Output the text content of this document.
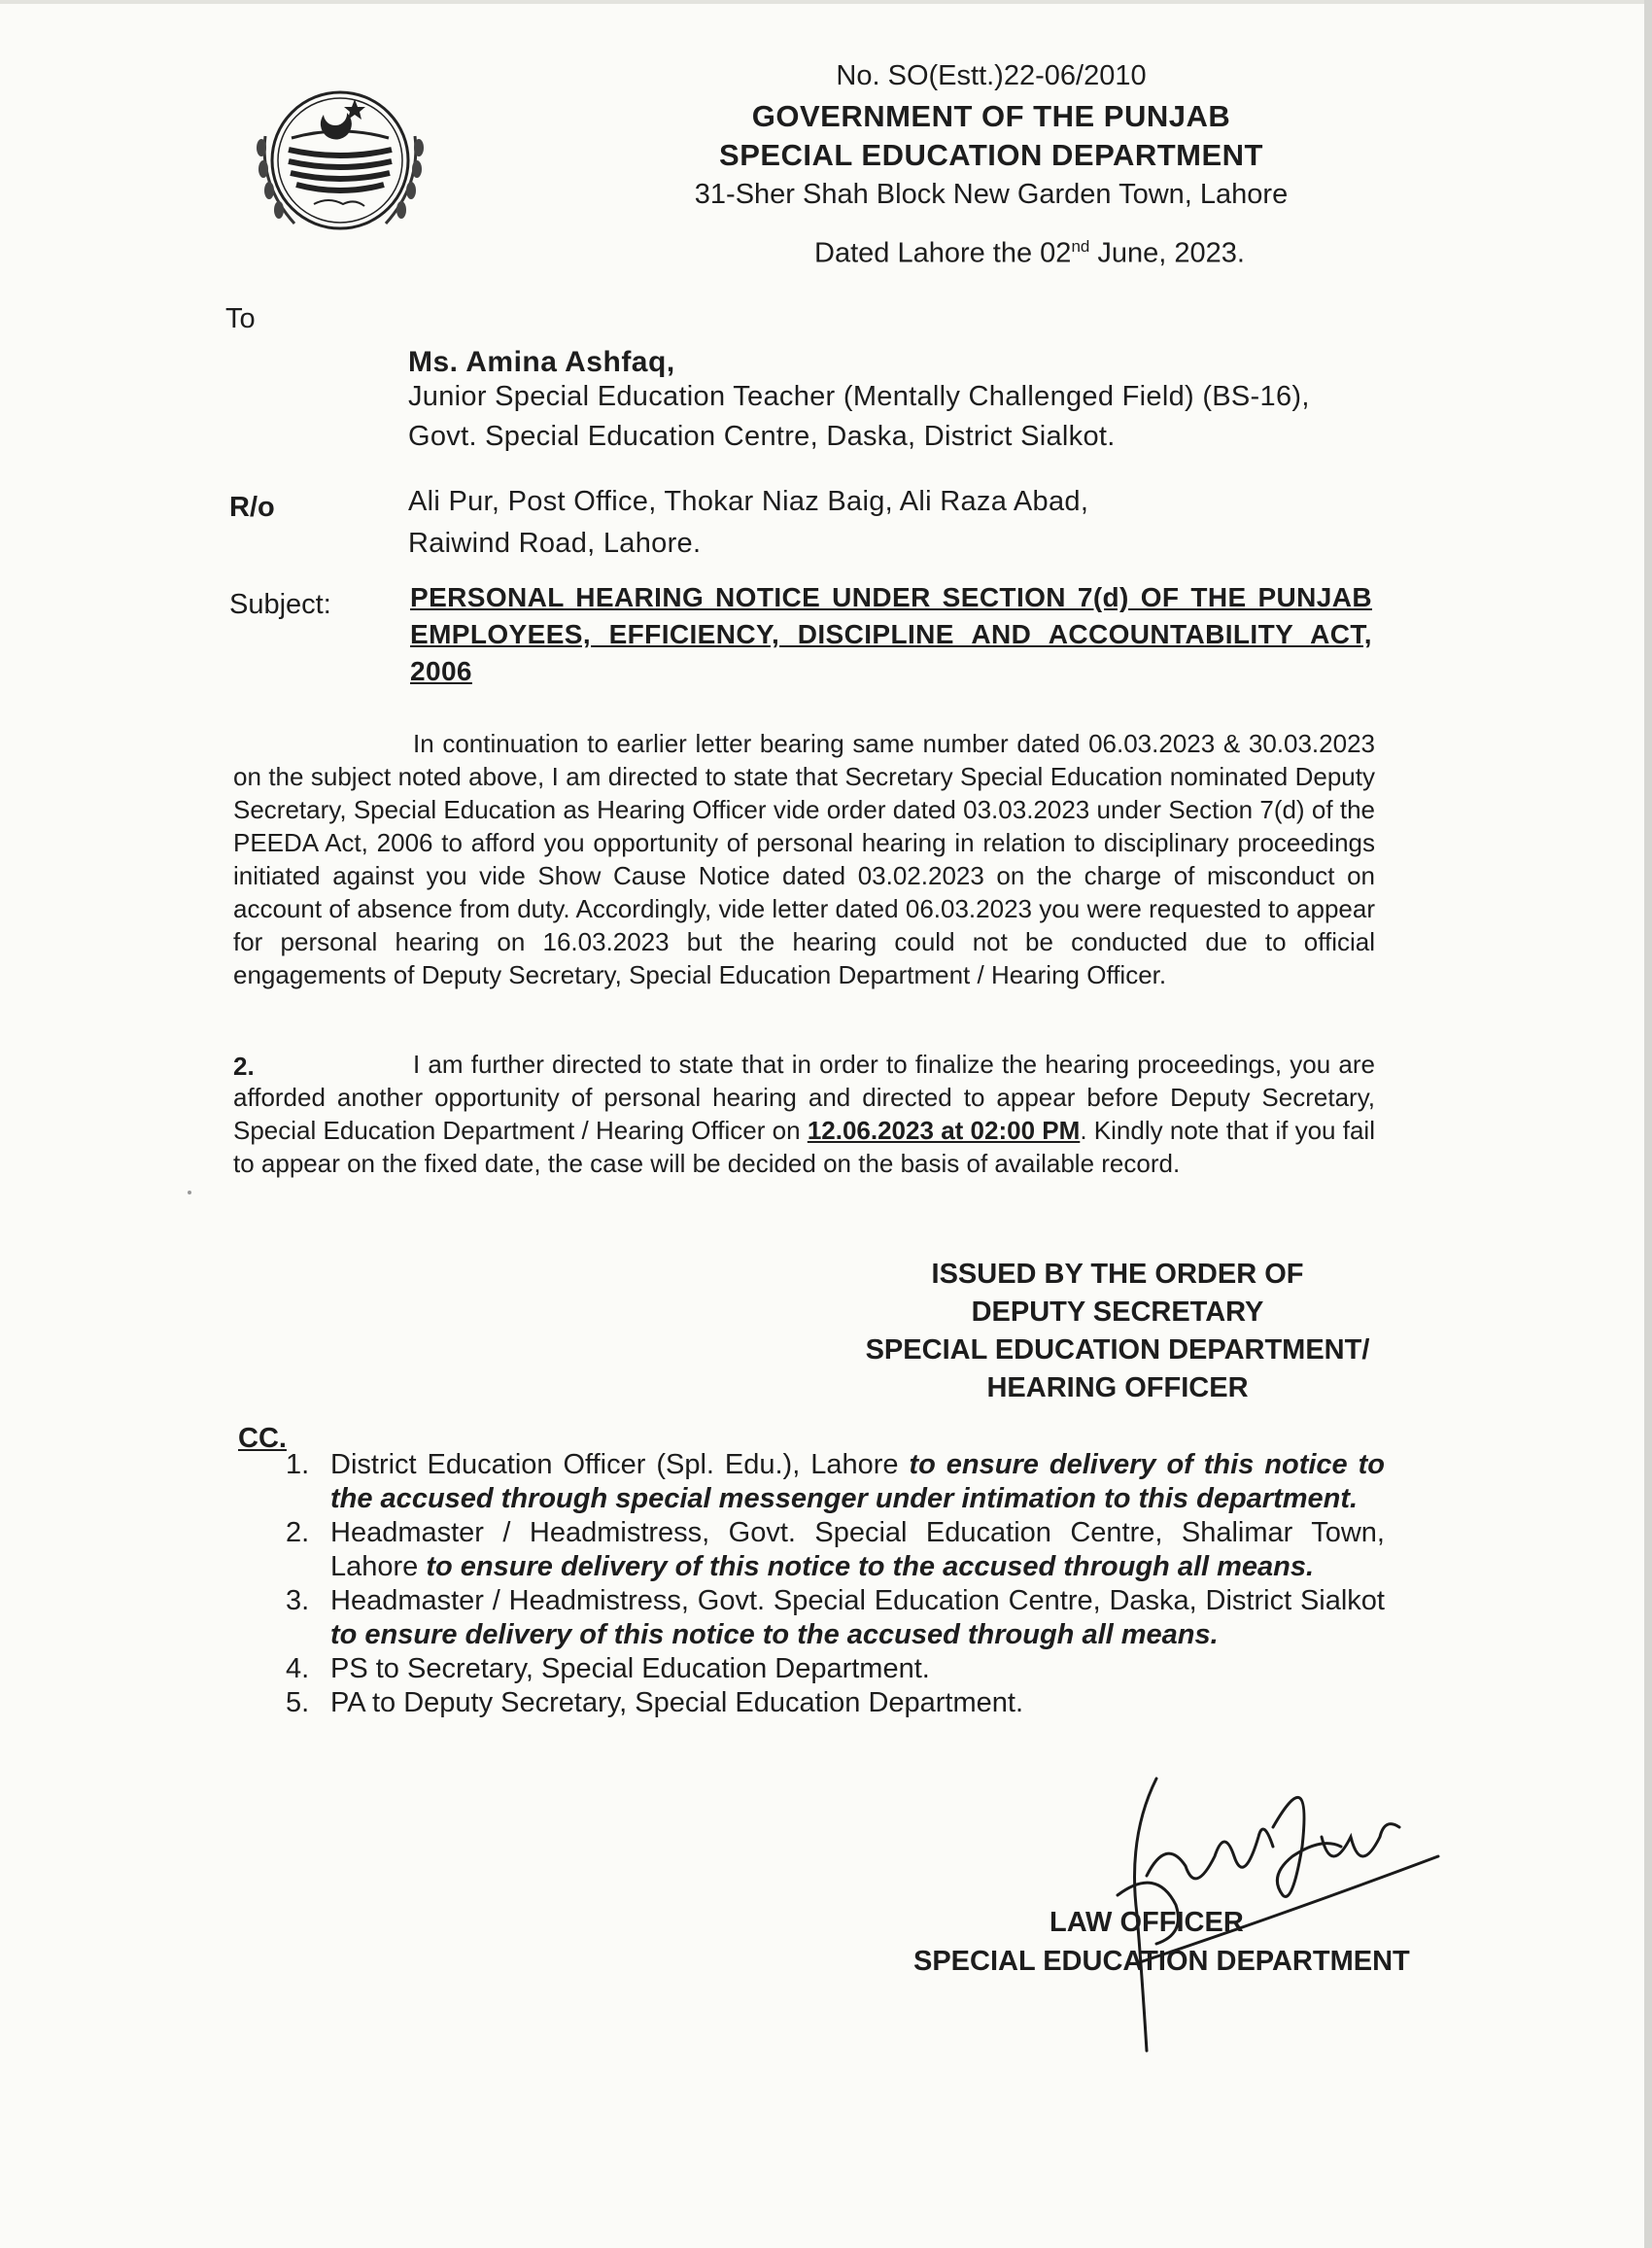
No. SO(Estt.)22-06/2010
GOVERNMENT OF THE PUNJAB
SPECIAL EDUCATION DEPARTMENT
31-Sher Shah Block New Garden Town, Lahore
Dated Lahore the 02nd June, 2023.
To
Ms. Amina Ashfaq,
Junior Special Education Teacher (Mentally Challenged Field) (BS-16),
Govt. Special Education Centre, Daska, District Sialkot.
R/o	Ali Pur, Post Office, Thokar Niaz Baig, Ali Raza Abad,
Raiwind Road, Lahore.
Subject:	PERSONAL HEARING NOTICE UNDER SECTION 7(d) OF THE PUNJAB EMPLOYEES, EFFICIENCY, DISCIPLINE AND ACCOUNTABILITY ACT, 2006
In continuation to earlier letter bearing same number dated 06.03.2023 & 30.03.2023 on the subject noted above, I am directed to state that Secretary Special Education nominated Deputy Secretary, Special Education as Hearing Officer vide order dated 03.03.2023 under Section 7(d) of the PEEDA Act, 2006 to afford you opportunity of personal hearing in relation to disciplinary proceedings initiated against you vide Show Cause Notice dated 03.02.2023 on the charge of misconduct on account of absence from duty. Accordingly, vide letter dated 06.03.2023 you were requested to appear for personal hearing on 16.03.2023 but the hearing could not be conducted due to official engagements of Deputy Secretary, Special Education Department / Hearing Officer.
2.	I am further directed to state that in order to finalize the hearing proceedings, you are afforded another opportunity of personal hearing and directed to appear before Deputy Secretary, Special Education Department / Hearing Officer on 12.06.2023 at 02:00 PM. Kindly note that if you fail to appear on the fixed date, the case will be decided on the basis of available record.
ISSUED BY THE ORDER OF
DEPUTY SECRETARY
SPECIAL EDUCATION DEPARTMENT/
HEARING OFFICER
CC.
1. District Education Officer (Spl. Edu.), Lahore to ensure delivery of this notice to the accused through special messenger under intimation to this department.
2. Headmaster / Headmistress, Govt. Special Education Centre, Shalimar Town, Lahore to ensure delivery of this notice to the accused through all means.
3. Headmaster / Headmistress, Govt. Special Education Centre, Daska, District Sialkot to ensure delivery of this notice to the accused through all means.
4. PS to Secretary, Special Education Department.
5. PA to Deputy Secretary, Special Education Department.
LAW OFFICER
SPECIAL EDUCATION DEPARTMENT
